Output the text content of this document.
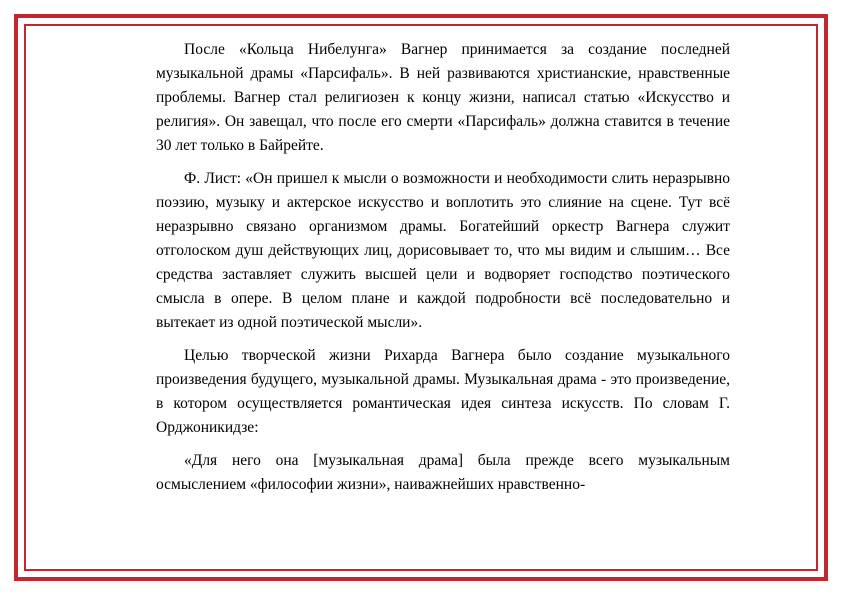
После «Кольца Нибелунга» Вагнер принимается за создание последней музыкальной драмы «Парсифаль». В ней развиваются христианские, нравственные проблемы. Вагнер стал религиозен к концу жизни, написал статью «Искусство и религия». Он завещал, что после его смерти «Парсифаль» должна ставится в течение 30 лет только в Байрейте.

Ф. Лист: «Он пришел к мысли о возможности и необходимости слить неразрывно поэзию, музыку и актерское искусство и воплотить это слияние на сцене. Тут всё неразрывно связано организмом драмы. Богатейший оркестр Вагнера служит отголоском душ действующих лиц, дорисовывает то, что мы видим и слышим… Все средства заставляет служить высшей цели и водворяет господство поэтического смысла в опере. В целом плане и каждой подробности всё последовательно и вытекает из одной поэтической мысли».

Целью творческой жизни Рихарда Вагнера было создание музыкального произведения будущего, музыкальной драмы. Музыкальная драма - это произведение, в котором осуществляется романтическая идея синтеза искусств. По словам Г. Орджоникидзе:

«Для него она [музыкальная драма] была прежде всего музыкальным осмыслением «философии жизни», наиважнейших нравственно-
